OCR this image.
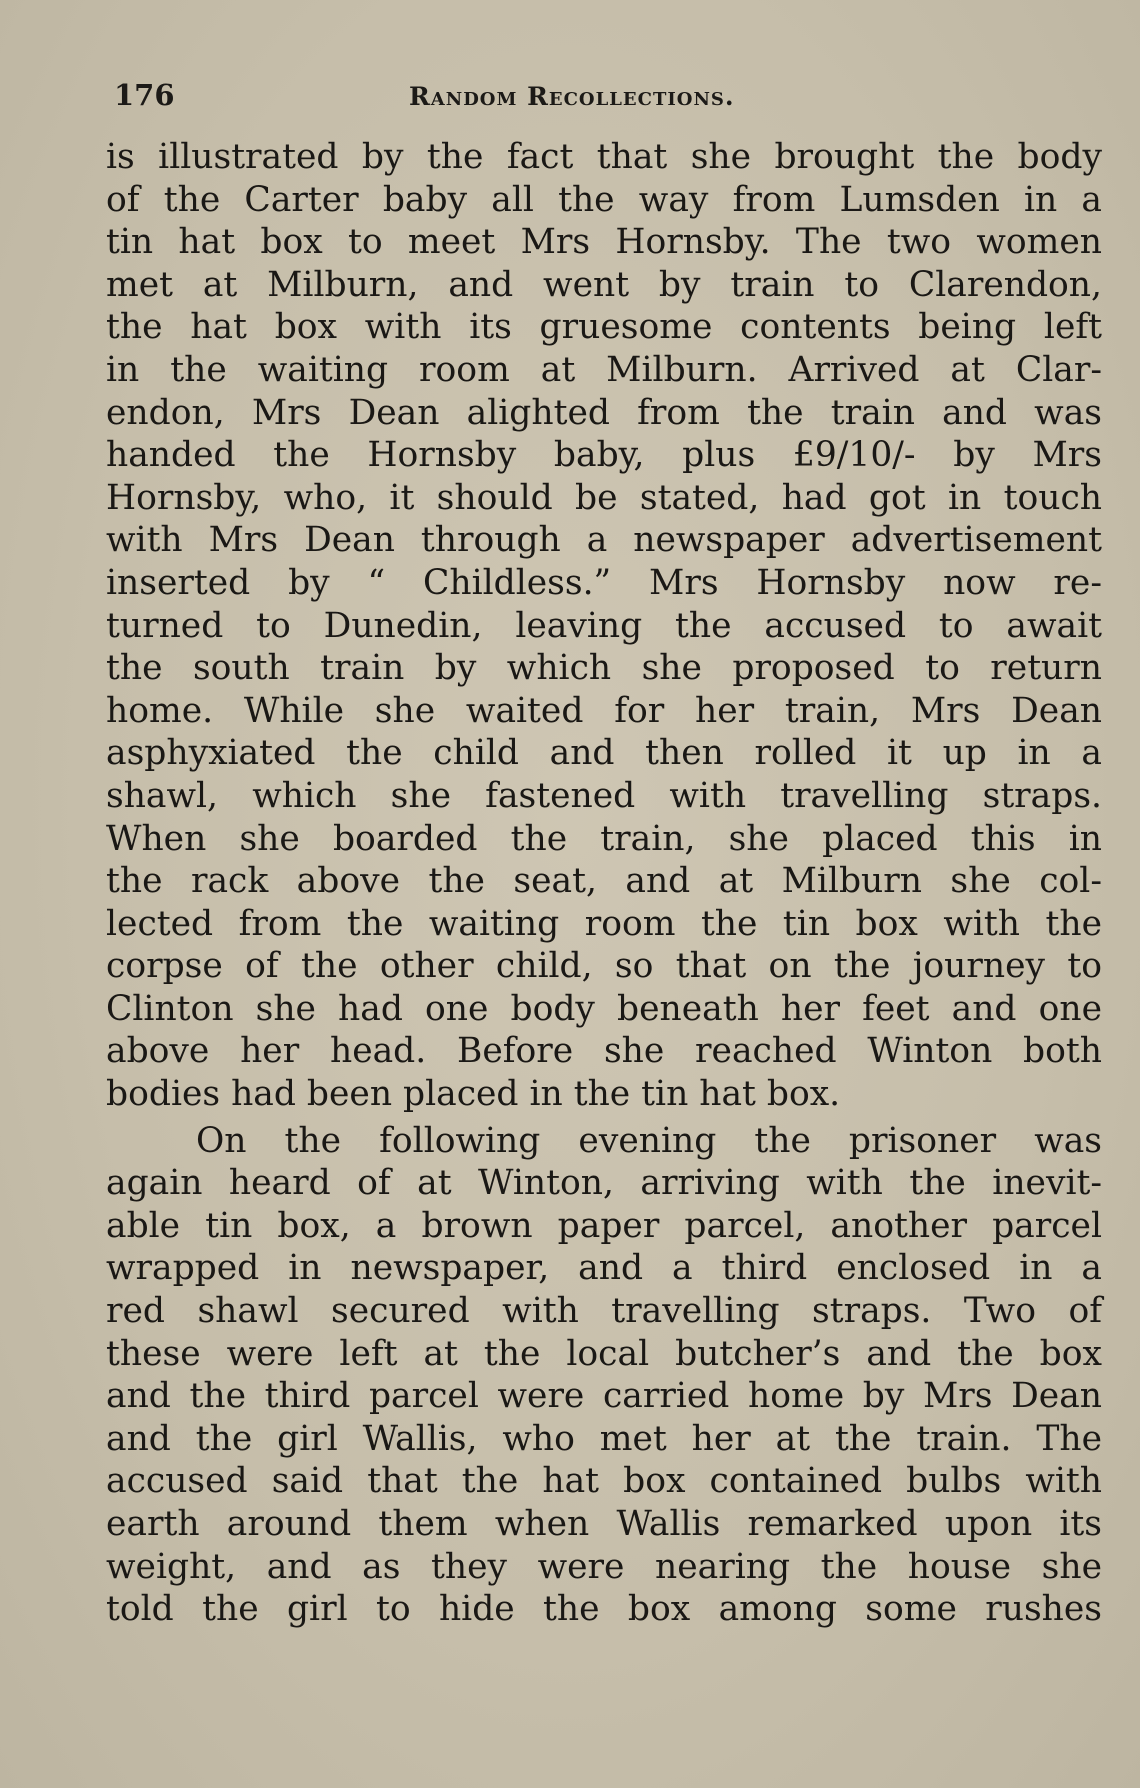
176	Random Recollections.
is illustrated by the fact that she brought the body
of the Carter baby all the way from Lumsden in a
tin hat box to meet Mrs Hornsby. The two women
met at Milburn, and went by train to Clarendon,
the hat box with its gruesome contents being left
in the waiting room at Milburn. Arrived at Clar-
endon, Mrs Dean alighted from the train and was
handed the Hornsby baby, plus £9/10/- by Mrs
Hornsby, who, it should be stated, had got in touch
with Mrs Dean through a newspaper advertisement
inserted by “ Childless.” Mrs Hornsby now re-
turned to Dunedin, leaving the accused to await
the south train by which she proposed to return
home. While she waited for her train, Mrs Dean
asphyxiated the child and then rolled it up in a
shawl, which she fastened with travelling straps.
When she boarded the train, she placed this in
the rack above the seat, and at Milburn she col-
lected from the waiting room the tin box with the
corpse of the other child, so that on the journey to
Clinton she had one body beneath her feet and one
above her head. Before she reached Winton both
bodies had been placed in the tin hat box.
On the following evening the prisoner was
again heard of at Winton, arriving with the inevit-
able tin box, a brown paper parcel, another parcel
wrapped in newspaper, and a third enclosed in a
red shawl secured with travelling straps. Two of
these were left at the local butcher’s and the box
and the third parcel were carried home by Mrs Dean
and the girl Wallis, who met her at the train. The
accused said that the hat box contained bulbs with
earth around them when Wallis remarked upon its
weight, and as they were nearing the house she
told the girl to hide the box among some rushes
